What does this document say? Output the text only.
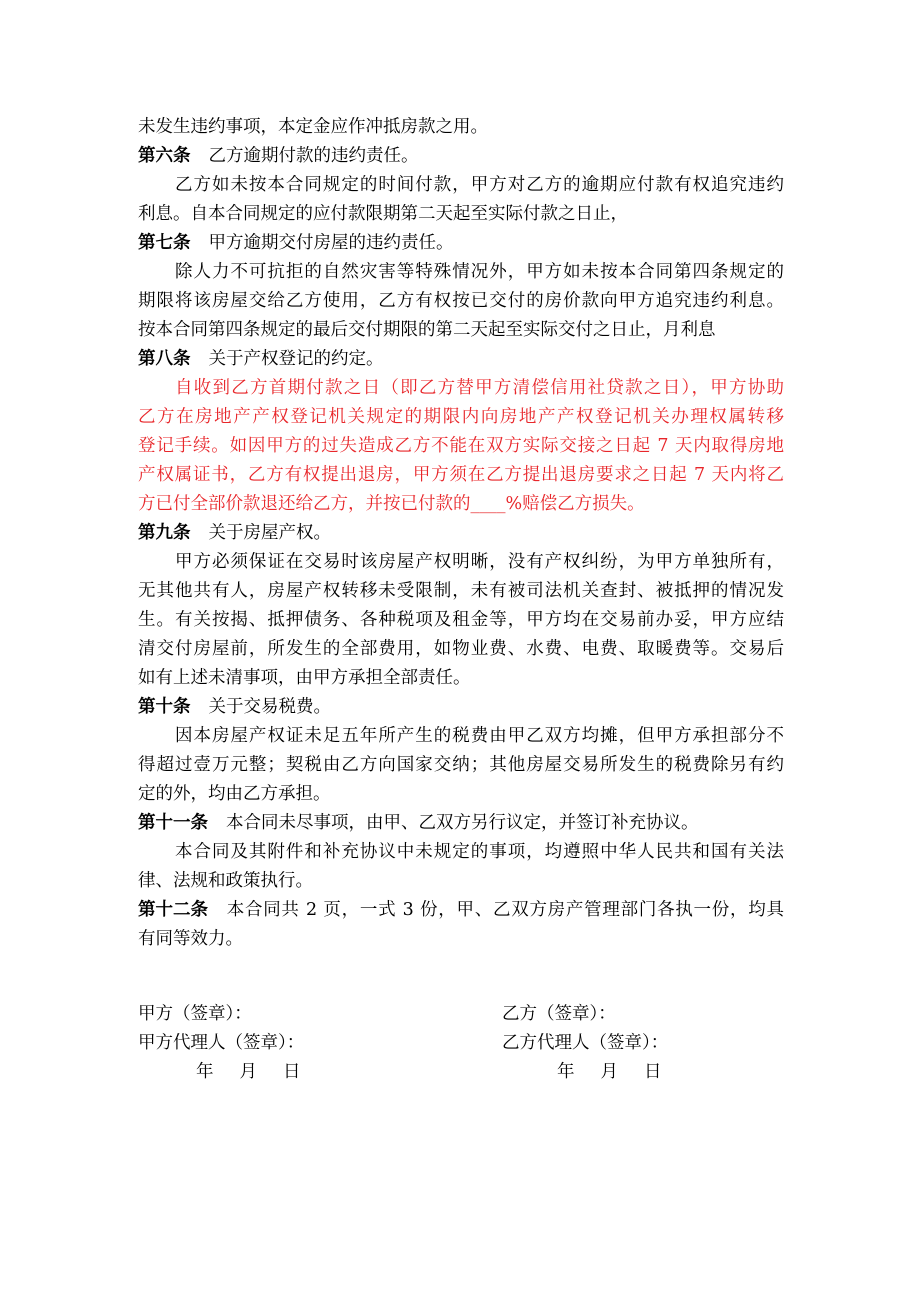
未发生违约事项，本定金应作冲抵房款之用。
第六条 乙方逾期付款的违约责任。
乙方如未按本合同规定的时间付款，甲方对乙方的逾期应付款有权追究违约
利息。自本合同规定的应付款限期第二天起至实际付款之日止，
第七条 甲方逾期交付房屋的违约责任。
除人力不可抗拒的自然灾害等特殊情况外，甲方如未按本合同第四条规定的
期限将该房屋交给乙方使用，乙方有权按已交付的房价款向甲方追究违约利息。
按本合同第四条规定的最后交付期限的第二天起至实际交付之日止，月利息
第八条 关于产权登记的约定。
自收到乙方首期付款之日（即乙方替甲方清偿信用社贷款之日），甲方协助
乙方在房地产产权登记机关规定的期限内向房地产产权登记机关办理权属转移
登记手续。如因甲方的过失造成乙方不能在双方实际交接之日起 7 天内取得房地
产权属证书，乙方有权提出退房，甲方须在乙方提出退房要求之日起 7 天内将乙
方已付全部价款退还给乙方，并按已付款的____%赔偿乙方损失。
第九条 关于房屋产权。
甲方必须保证在交易时该房屋产权明晰，没有产权纠纷，为甲方单独所有，
无其他共有人，房屋产权转移未受限制，未有被司法机关查封、被抵押的情况发
生。有关按揭、抵押债务、各种税项及租金等，甲方均在交易前办妥，甲方应结
清交付房屋前，所发生的全部费用，如物业费、水费、电费、取暖费等。交易后
如有上述未清事项，由甲方承担全部责任。
第十条 关于交易税费。
因本房屋产权证未足五年所产生的税费由甲乙双方均摊，但甲方承担部分不
得超过壹万元整；契税由乙方向国家交纳；其他房屋交易所发生的税费除另有约
定的外，均由乙方承担。
第十一条 本合同未尽事项，由甲、乙双方另行议定，并签订补充协议。
本合同及其附件和补充协议中未规定的事项，均遵照中华人民共和国有关法
律、法规和政策执行。
第十二条 本合同共 2 页，一式 3 份，甲、乙双方房产管理部门各执一份，均具
有同等效力。
甲方（签章）：
甲方代理人（签章）：
年 月 日
乙方（签章）：
乙方代理人（签章）：
年 月 日
